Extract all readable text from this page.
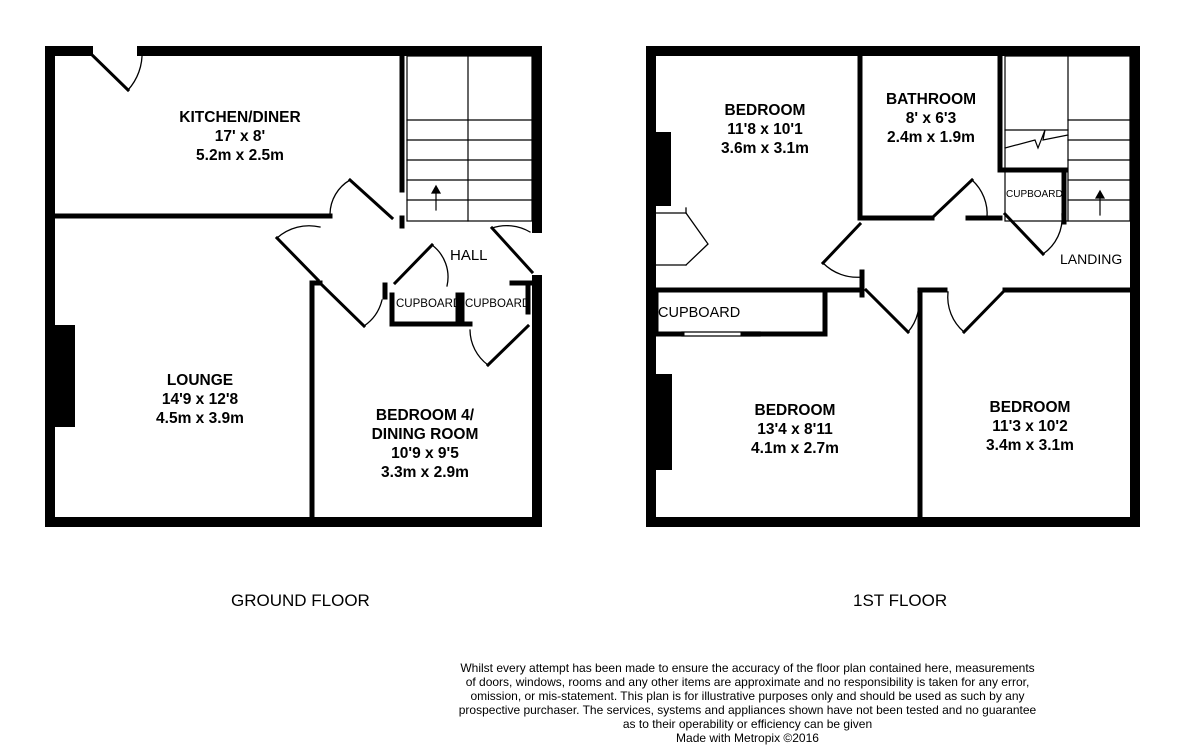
KITCHEN/DINER
17' x 8'
5.2m x 2.5m
LOUNGE
14'9 x 12'8
4.5m x 3.9m	BEDROOM 4/
DINING ROOM
10'9 x 9'5
3.3m x 2.9m
HALL
CUPBOARD CUPBOARD
GROUND FLOOR
BEDROOM
11'8 x 10'1
3.6m x 3.1m
BATHROOM
8' x 6'3
2.4m x 1.9m
BEDROOM
13'4 x 8'11
4.1m x 2.7m
BEDROOM
11'3 x 10'2
3.4m x 3.1m
LANDING
CUPBOARD
CUPBOARD
1ST FLOOR
Whilst every attempt has been made to ensure the accuracy of the floor plan contained here, measurements
of doors, windows, rooms and any other items are approximate and no responsibility is taken for any error,
omission, or mis-statement. This plan is for illustrative purposes only and should be used as such by any
prospective purchaser. The services, systems and appliances shown have not been tested and no guarantee
as to their operability or efficiency can be given
Made with Metropix ©2016
